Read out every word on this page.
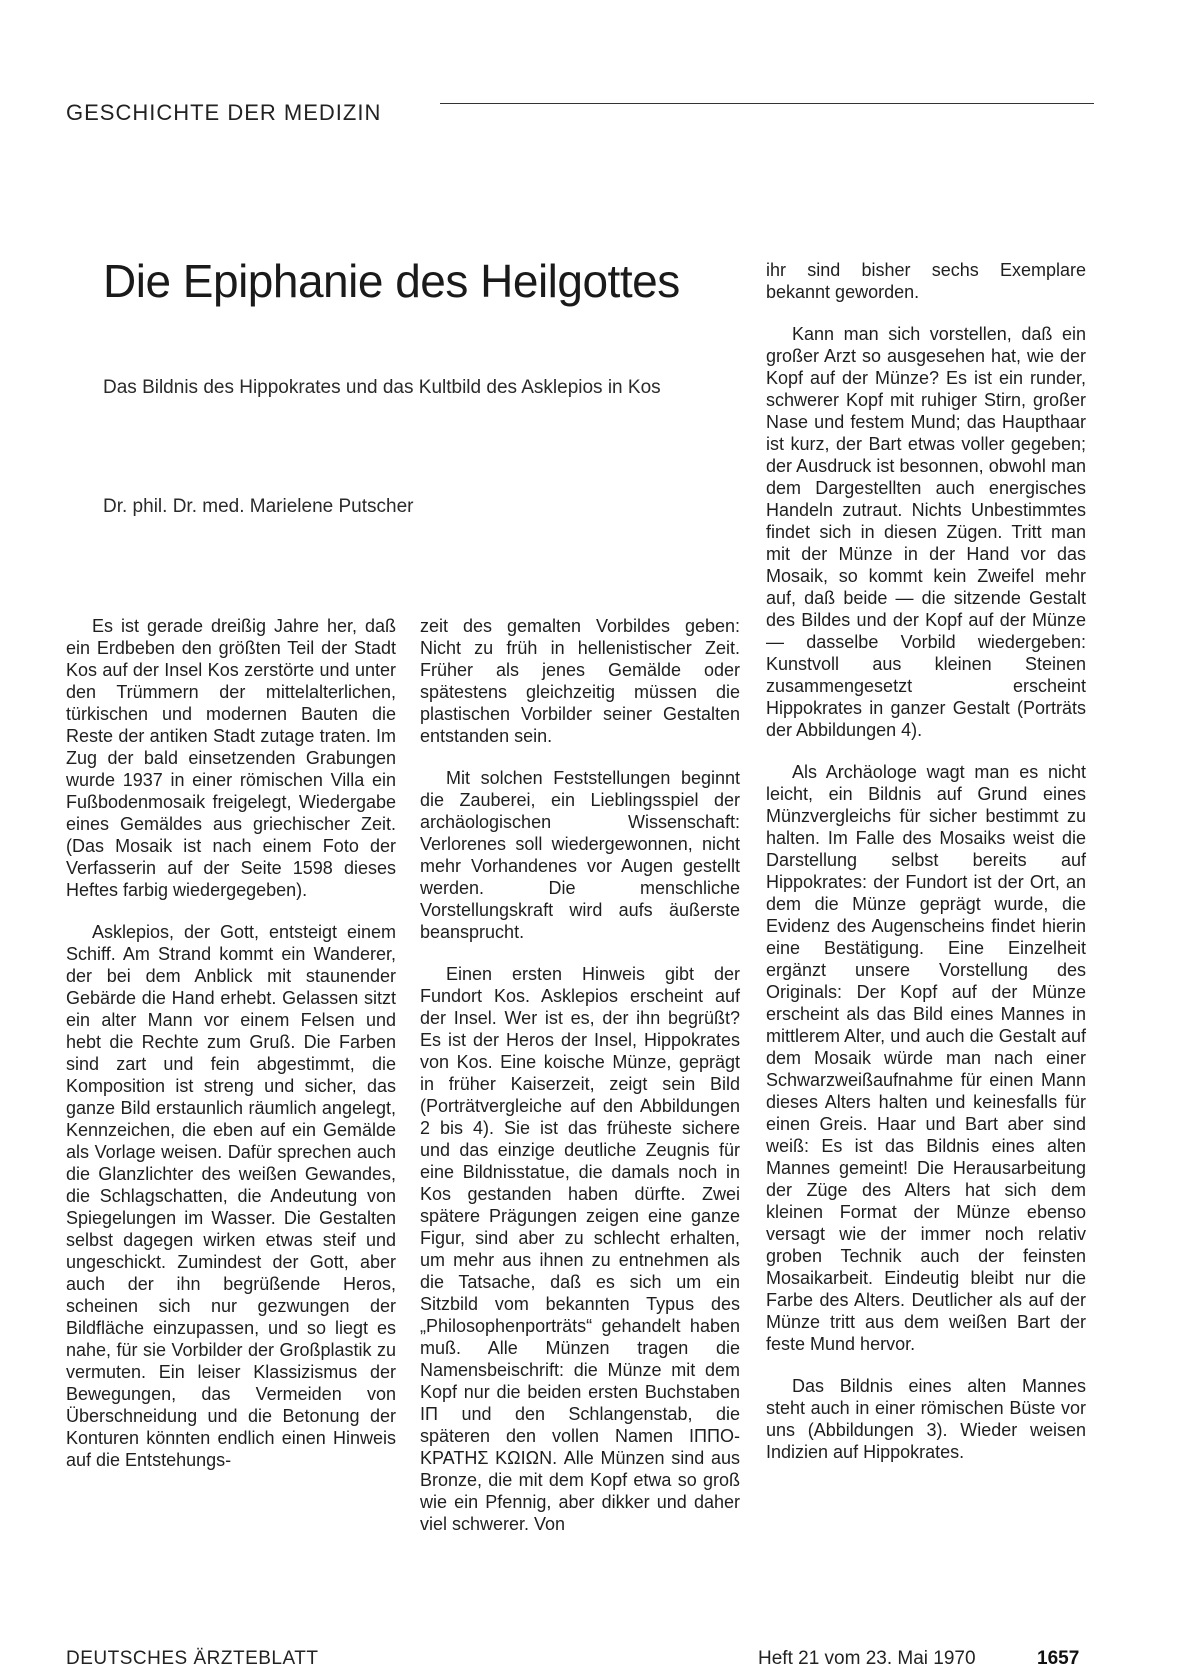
GESCHICHTE DER MEDIZIN
Die Epiphanie des Heilgottes
Das Bildnis des Hippokrates und das Kultbild des Asklepios in Kos
Dr. phil. Dr. med. Marielene Putscher

Es ist gerade dreißig Jahre her, daß ein Erdbeben den größten Teil der Stadt Kos auf der Insel Kos zerstörte und unter den Trümmern der mittelalterlichen, türkischen und modernen Bauten die Reste der antiken Stadt zutage traten. Im Zug der bald einsetzenden Grabungen wurde 1937 in einer römischen Villa ein Fußbodenmosaik freigelegt, Wiedergabe eines Gemäldes aus griechischer Zeit. (Das Mosaik ist nach einem Foto der Verfasserin auf der Seite 1598 dieses Heftes farbig wiedergegeben).

Asklepios, der Gott, entsteigt einem Schiff. Am Strand kommt ein Wanderer, der bei dem Anblick mit staunender Gebärde die Hand erhebt. Gelassen sitzt ein alter Mann vor einem Felsen und hebt die Rechte zum Gruß. Die Farben sind zart und fein abgestimmt, die Komposition ist streng und sicher, das ganze Bild erstaunlich räumlich angelegt, Kennzeichen, die eben auf ein Gemälde als Vorlage weisen. Dafür sprechen auch die Glanzlichter des weißen Gewandes, die Schlagschatten, die Andeutung von Spiegelungen im Wasser. Die Gestalten selbst dagegen wirken etwas steif und ungeschickt. Zumindest der Gott, aber auch der ihn begrüßende Heros, scheinen sich nur gezwungen der Bildfläche einzupassen, und so liegt es nahe, für sie Vorbilder der Großplastik zu vermuten. Ein leiser Klassizismus der Bewegungen, das Vermeiden von Überschneidung und die Betonung der Konturen könnten endlich einen Hinweis auf die Entstehungs-

zeit des gemalten Vorbildes geben: Nicht zu früh in hellenistischer Zeit. Früher als jenes Gemälde oder spätestens gleichzeitig müssen die plastischen Vorbilder seiner Gestalten entstanden sein.

Mit solchen Feststellungen beginnt die Zauberei, ein Lieblingsspiel der archäologischen Wissenschaft: Verlorenes soll wiedergewonnen, nicht mehr Vorhandenes vor Augen gestellt werden. Die menschliche Vorstellungskraft wird aufs äußerste beansprucht.

Einen ersten Hinweis gibt der Fundort Kos. Asklepios erscheint auf der Insel. Wer ist es, der ihn begrüßt? Es ist der Heros der Insel, Hippokrates von Kos. Eine koische Münze, geprägt in früher Kaiserzeit, zeigt sein Bild (Porträtvergleiche auf den Abbildungen 2 bis 4). Sie ist das früheste sichere und das einzige deutliche Zeugnis für eine Bildnisstatue, die damals noch in Kos gestanden haben dürfte. Zwei spätere Prägungen zeigen eine ganze Figur, sind aber zu schlecht erhalten, um mehr aus ihnen zu entnehmen als die Tatsache, daß es sich um ein Sitzbild vom bekannten Typus des „Philosophenporträts“ gehandelt haben muß. Alle Münzen tragen die Namensbeischrift: die Münze mit dem Kopf nur die beiden ersten Buchstaben ΙΠ und den Schlangenstab, die späteren den vollen Namen ΙΠΠΟ-ΚΡΑΤΗΣ ΚΩΙΩΝ. Alle Münzen sind aus Bronze, die mit dem Kopf etwa so groß wie ein Pfennig, aber dikker und daher viel schwerer. Von

ihr sind bisher sechs Exemplare bekannt geworden.

Kann man sich vorstellen, daß ein großer Arzt so ausgesehen hat, wie der Kopf auf der Münze? Es ist ein runder, schwerer Kopf mit ruhiger Stirn, großer Nase und festem Mund; das Haupthaar ist kurz, der Bart etwas voller gegeben; der Ausdruck ist besonnen, obwohl man dem Dargestellten auch energisches Handeln zutraut. Nichts Unbestimmtes findet sich in diesen Zügen. Tritt man mit der Münze in der Hand vor das Mosaik, so kommt kein Zweifel mehr auf, daß beide — die sitzende Gestalt des Bildes und der Kopf auf der Münze — dasselbe Vorbild wiedergeben: Kunstvoll aus kleinen Steinen zusammengesetzt erscheint Hippokrates in ganzer Gestalt (Porträts der Abbildungen 4).

Als Archäologe wagt man es nicht leicht, ein Bildnis auf Grund eines Münzvergleichs für sicher bestimmt zu halten. Im Falle des Mosaiks weist die Darstellung selbst bereits auf Hippokrates: der Fundort ist der Ort, an dem die Münze geprägt wurde, die Evidenz des Augenscheins findet hierin eine Bestätigung. Eine Einzelheit ergänzt unsere Vorstellung des Originals: Der Kopf auf der Münze erscheint als das Bild eines Mannes in mittlerem Alter, und auch die Gestalt auf dem Mosaik würde man nach einer Schwarzweißaufnahme für einen Mann dieses Alters halten und keinesfalls für einen Greis. Haar und Bart aber sind weiß: Es ist das Bildnis eines alten Mannes gemeint! Die Herausarbeitung der Züge des Alters hat sich dem kleinen Format der Münze ebenso versagt wie der immer noch relativ groben Technik auch der feinsten Mosaikarbeit. Eindeutig bleibt nur die Farbe des Alters. Deutlicher als auf der Münze tritt aus dem weißen Bart der feste Mund hervor.

Das Bildnis eines alten Mannes steht auch in einer römischen Büste vor uns (Abbildungen 3). Wieder weisen Indizien auf Hippokrates.

DEUTSCHES ÄRZTEBLATT	Heft 21 vom 23. Mai 1970	1657
